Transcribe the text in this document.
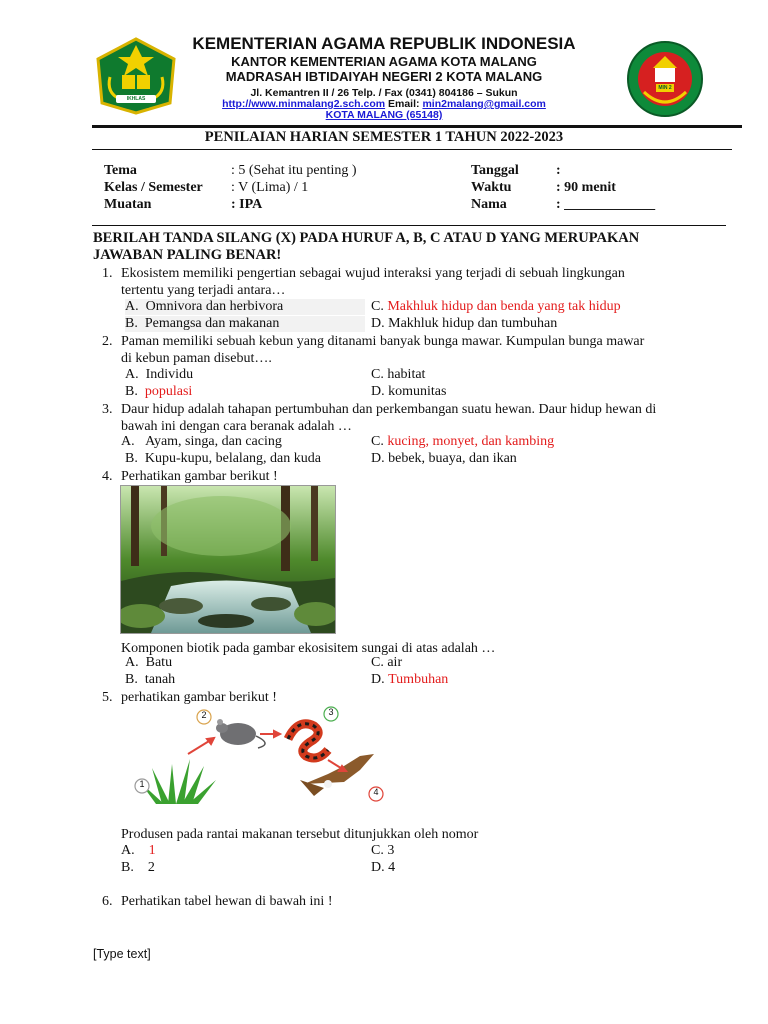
IKHLAS BERAMAL
MIN 2
KEMENTERIAN AGAMA REPUBLIK INDONESIA
KANTOR KEMENTERIAN AGAMA KOTA MALANG
MADRASAH IBTIDAIYAH NEGERI 2 KOTA MALANG
Jl. Kemantren II / 26 Telp. / Fax (0341) 804186 – Sukun
http://www.minmalang2.sch.com Email: min2malang@gmail.com
KOTA MALANG (65148)
PENILAIAN HARIAN SEMESTER 1 TAHUN 2022-2023
Tema	: 5 (Sehat itu penting )	Tanggal	:
Kelas / Semester : V (Lima) / 1	Waktu	: 90 menit
Muatan	: IPA	Nama	: _____________
BERILAH TANDA SILANG (X) PADA HURUF A, B, C ATAU D YANG MERUPAKAN
JAWABAN PALING BENAR!
1. Ekosistem memiliki pengertian sebagai wujud interaksi yang terjadi di sebuah lingkungan
tertentu yang terjadi antara…
A. Omnivora dan herbivora	C. Makhluk hidup dan benda yang tak hidup
B. Pemangsa dan makanan	D. Makhluk hidup dan tumbuhan
2. Paman memiliki sebuah kebun yang ditanami banyak bunga mawar. Kumpulan bunga mawar
di kebun paman disebut….
A. Individu	C. habitat
B. populasi	D. komunitas
3. Daur hidup adalah tahapan pertumbuhan dan perkembangan suatu hewan. Daur hidup hewan di
bawah ini dengan cara beranak adalah …
A. Ayam, singa, dan cacing	C. kucing, monyet, dan kambing
B. Kupu-kupu, belalang, dan kuda	D. bebek, buaya, dan ikan
4. Perhatikan gambar berikut !
Komponen biotik pada gambar ekosisitem sungai di atas adalah …
A. Batu	C. air
B. tanah	D. Tumbuhan
5. perhatikan gambar berikut !
1
2	3
4
Produsen pada rantai makanan tersebut ditunjukkan oleh nomor
A. 1	C. 3
B. 2	D. 4
6. Perhatikan tabel hewan di bawah ini !
[Type text]
